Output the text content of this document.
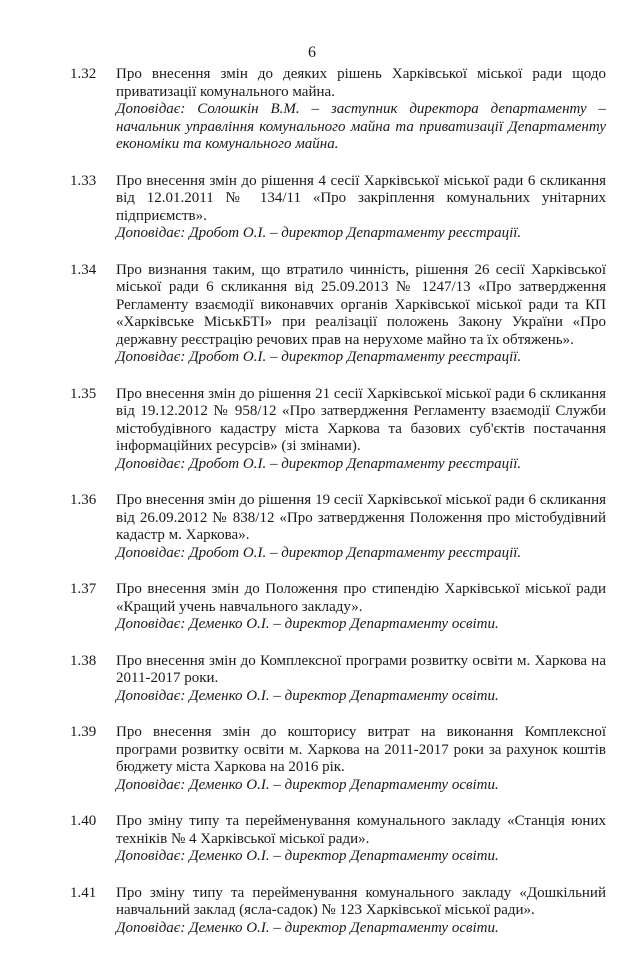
6
1.32	Про внесення змін до деяких рішень Харківської міської ради щодо приватизації комунального майна.
Доповідає: Солошкін В.М. – заступник директора департаменту – начальник управління комунального майна та приватизації Департаменту економіки та комунального майна.
1.33	Про внесення змін до рішення 4 сесії Харківської міської ради 6 скликання від 12.01.2011 № 134/11 «Про закріплення комунальних унітарних підприємств».
Доповідає: Дробот О.І. – директор Департаменту реєстрації.
1.34	Про визнання таким, що втратило чинність, рішення 26 сесії Харківської міської ради 6 скликання від 25.09.2013 № 1247/13 «Про затвердження Регламенту взаємодії виконавчих органів Харківської міської ради та КП «Харківське МіськБТІ» при реалізації положень Закону України «Про державну реєстрацію речових прав на нерухоме майно та їх обтяжень».
Доповідає: Дробот О.І. – директор Департаменту реєстрації.
1.35	Про внесення змін до рішення 21 сесії Харківської міської ради 6 скликання від 19.12.2012 № 958/12 «Про затвердження Регламенту взаємодії Служби містобудівного кадастру міста Харкова та базових суб'єктів постачання інформаційних ресурсів» (зі змінами).
Доповідає: Дробот О.І. – директор Департаменту реєстрації.
1.36	Про внесення змін до рішення 19 сесії Харківської міської ради 6 скликання від 26.09.2012 № 838/12 «Про затвердження Положення про містобудівний кадастр м. Харкова».
Доповідає: Дробот О.І. – директор Департаменту реєстрації.
1.37	Про внесення змін до Положення про стипендію Харківської міської ради «Кращий учень навчального закладу».
Доповідає: Деменко О.І. – директор Департаменту освіти.
1.38	Про внесення змін до Комплексної програми розвитку освіти м. Харкова на 2011-2017 роки.
Доповідає: Деменко О.І. – директор Департаменту освіти.
1.39	Про внесення змін до кошторису витрат на виконання Комплексної програми розвитку освіти м. Харкова на 2011-2017 роки за рахунок коштів бюджету міста Харкова на 2016 рік.
Доповідає: Деменко О.І. – директор Департаменту освіти.
1.40	Про зміну типу та перейменування комунального закладу «Станція юних техніків № 4 Харківської міської ради».
Доповідає: Деменко О.І. – директор Департаменту освіти.
1.41	Про зміну типу та перейменування комунального закладу «Дошкільний навчальний заклад (ясла-садок) № 123 Харківської міської ради».
Доповідає: Деменко О.І. – директор Департаменту освіти.
